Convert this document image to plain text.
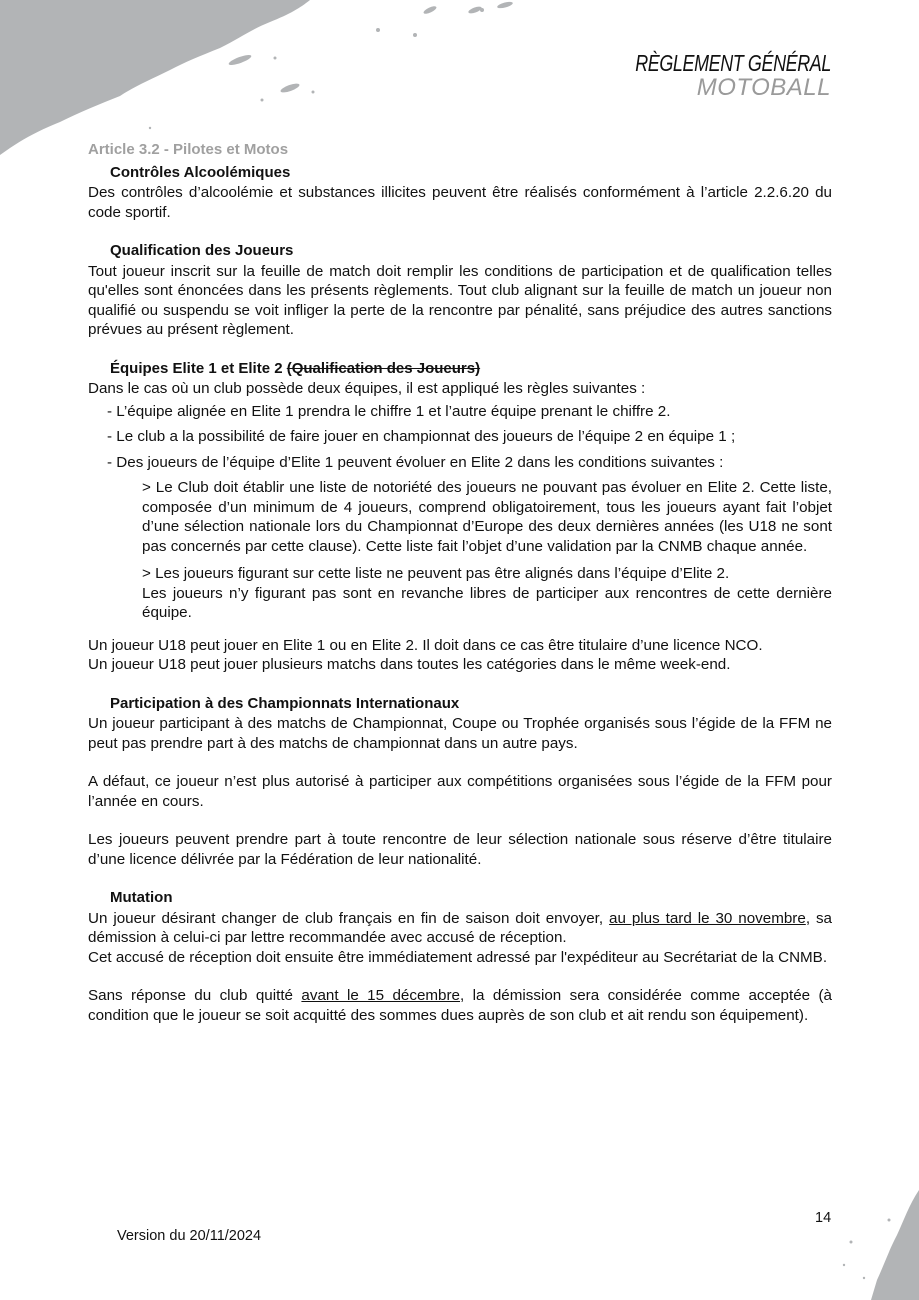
RÈGLEMENT GÉNÉRAL
MOTOBALL
Article 3.2 - Pilotes et Motos
Contrôles Alcoolémiques

Des contrôles d’alcoolémie et substances illicites peuvent être réalisés conformément à l’article 2.2.6.20 du code sportif.

Qualification des Joueurs

Tout joueur inscrit sur la feuille de match doit remplir les conditions de participation et de qualification telles qu'elles sont énoncées dans les présents règlements. Tout club alignant sur la feuille de match un joueur non qualifié ou suspendu se voit infliger la perte de la rencontre par pénalité, sans préjudice des autres sanctions prévues au présent règlement.

Équipes Elite 1 et Elite 2 (Qualification des Joueurs)

Dans le cas où un club possède deux équipes, il est appliqué les règles suivantes :

- L’équipe alignée en Elite 1 prendra le chiffre 1 et l’autre équipe prenant le chiffre 2.
- Le club a la possibilité de faire jouer en championnat des joueurs de l’équipe 2 en équipe 1 ;
- Des joueurs de l’équipe d’Elite 1 peuvent évoluer en Elite 2 dans les conditions suivantes :
> Le Club doit établir une liste de notoriété des joueurs ne pouvant pas évoluer en Elite 2. Cette liste, composée d’un minimum de 4 joueurs, comprend obligatoirement, tous les joueurs ayant fait l’objet d’une sélection nationale lors du Championnat d’Europe des deux dernières années (les U18 ne sont pas concernés par cette clause). Cette liste fait l’objet d’une validation par la CNMB chaque année.
> Les joueurs figurant sur cette liste ne peuvent pas être alignés dans l’équipe d’Elite 2.
Les joueurs n’y figurant pas sont en revanche libres de participer aux rencontres de cette dernière équipe.

Un joueur U18 peut jouer en Elite 1 ou en Elite 2. Il doit dans ce cas être titulaire d’une licence NCO.

Un joueur U18 peut jouer plusieurs matchs dans toutes les catégories dans le même week-end.

Participation à des Championnats Internationaux

Un joueur participant à des matchs de Championnat, Coupe ou Trophée organisés sous l’égide de la FFM ne peut pas prendre part à des matchs de championnat dans un autre pays.

A défaut, ce joueur n’est plus autorisé à participer aux compétitions organisées sous l’égide de la FFM pour l’année en cours.

Les joueurs peuvent prendre part à toute rencontre de leur sélection nationale sous réserve d’être titulaire d’une licence délivrée par la Fédération de leur nationalité.

Mutation

Un joueur désirant changer de club français en fin de saison doit envoyer, au plus tard le 30 novembre, sa démission à celui-ci par lettre recommandée avec accusé de réception.

Cet accusé de réception doit ensuite être immédiatement adressé par l'expéditeur au Secrétariat de la CNMB.

Sans réponse du club quitté avant le 15 décembre, la démission sera considérée comme acceptée (à condition que le joueur se soit acquitté des sommes dues auprès de son club et ait rendu son équipement).

Version du 20/11/2024
14
